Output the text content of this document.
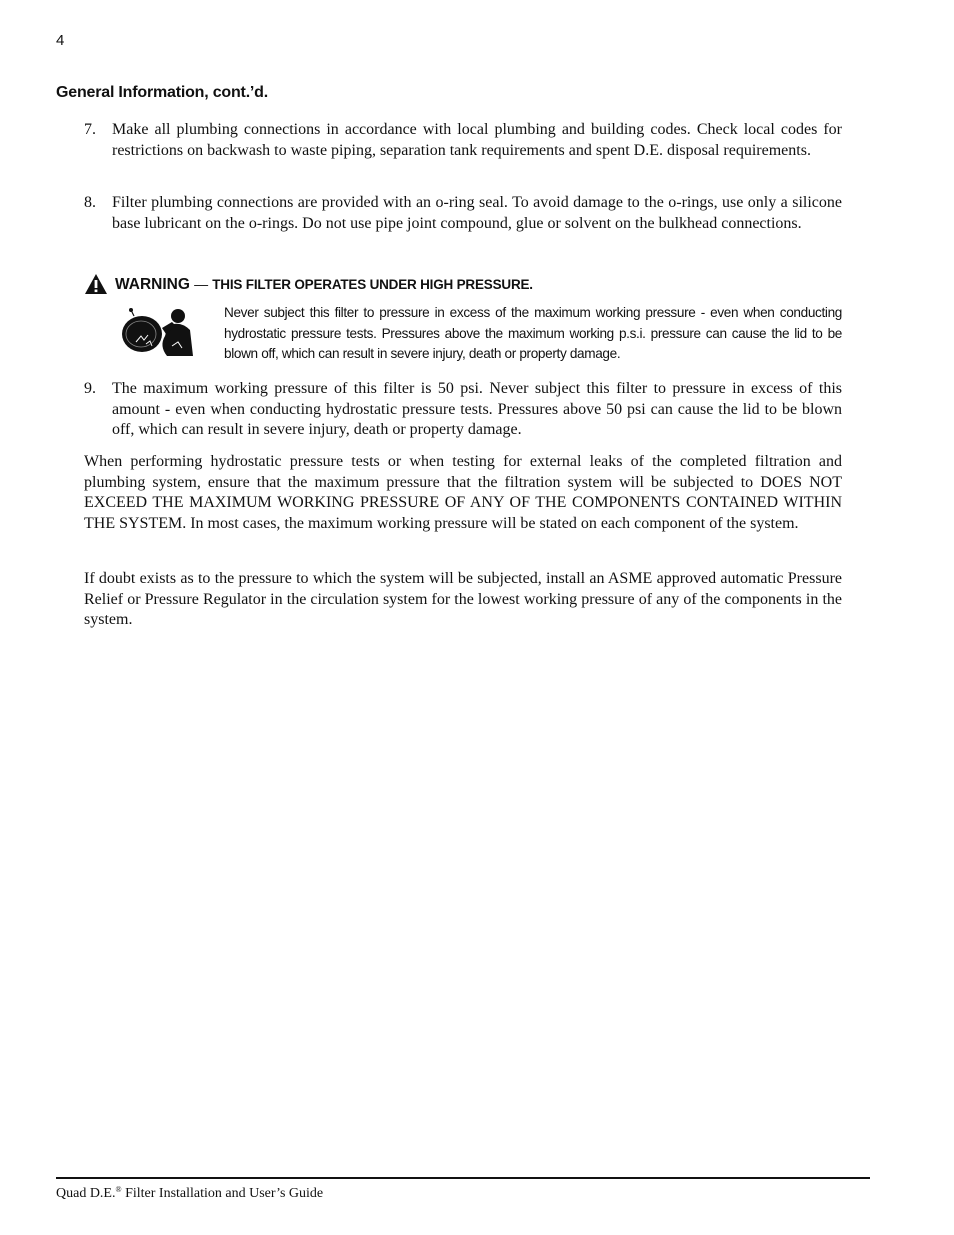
4
General Information, cont.’d.
7. Make all plumbing connections in accordance with local plumbing and building codes. Check local codes for restrictions on backwash to waste piping, separation tank requirements and spent D.E. disposal requirements.
8. Filter plumbing connections are provided with an o-ring seal. To avoid damage to the o-rings, use only a silicone base lubricant on the o-rings. Do not use pipe joint compound, glue or solvent on the bulkhead connections.
WARNING — THIS FILTER OPERATES UNDER HIGH PRESSURE.
Never subject this filter to pressure in excess of the maximum working pressure - even when conducting hydrostatic pressure tests. Pressures above the maximum working p.s.i. pressure can cause the lid to be blown off, which can result in severe injury, death or property damage.
9. The maximum working pressure of this filter is 50 psi. Never subject this filter to pressure in excess of this amount - even when conducting hydrostatic pressure tests. Pressures above 50 psi can cause the lid to be blown off, which can result in severe injury, death or property damage.
When performing hydrostatic pressure tests or when testing for external leaks of the completed filtration and plumbing system, ensure that the maximum pressure that the filtration system will be subjected to DOES NOT EXCEED THE MAXIMUM WORKING PRESSURE OF ANY OF THE COMPONENTS CONTAINED WITHIN THE SYSTEM. In most cases, the maximum working pressure will be stated on each component of the system.
If doubt exists as to the pressure to which the system will be subjected, install an ASME approved automatic Pressure Relief or Pressure Regulator in the circulation system for the lowest working pressure of any of the components in the system.
Quad D.E.® Filter Installation and User’s Guide
